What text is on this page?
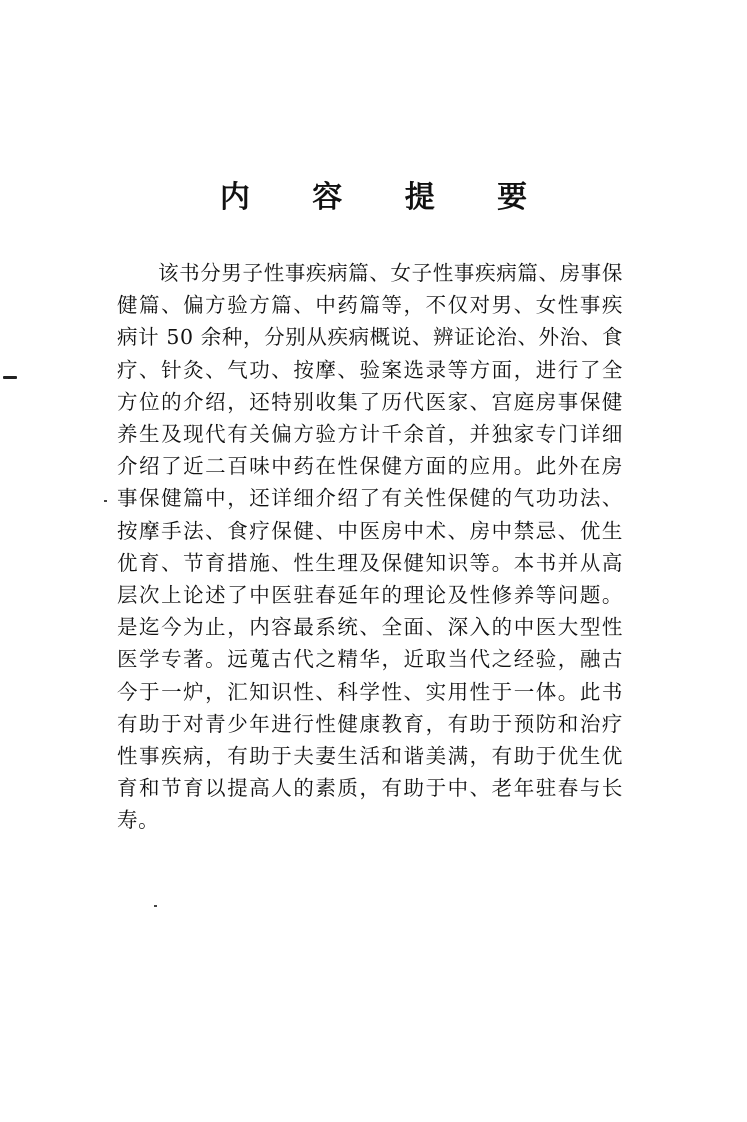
内 容 提 要

该书分男子性事疾病篇、女子性事疾病篇、房事保健篇、偏方验方篇、中药篇等，不仅对男、女性事疾病计 50 余种，分别从疾病概说、辨证论治、外治、食疗、针灸、气功、按摩、验案选录等方面，进行了全方位的介绍，还特别收集了历代医家、宫庭房事保健养生及现代有关偏方验方计千余首，并独家专门详细介绍了近二百味中药在性保健方面的应用。此外在房事保健篇中，还详细介绍了有关性保健的气功功法、按摩手法、食疗保健、中医房中术、房中禁忌、优生优育、节育措施、性生理及保健知识等。本书并从高层次上论述了中医驻春延年的理论及性修养等问题。是迄今为止，内容最系统、全面、深入的中医大型性医学专著。远蒐古代之精华，近取当代之经验，融古今于一炉，汇知识性、科学性、实用性于一体。此书有助于对青少年进行性健康教育，有助于预防和治疗性事疾病，有助于夫妻生活和谐美满，有助于优生优育和节育以提高人的素质，有助于中、老年驻春与长寿。
